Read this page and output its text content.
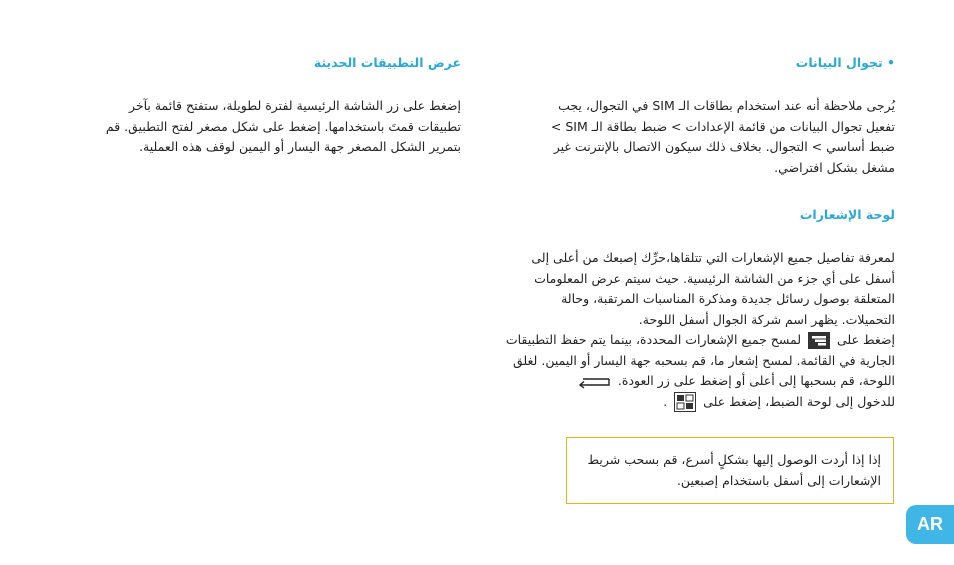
عرض التطبيقات الحديثة
إضغط على زر الشاشة الرئيسية لفترة لطويلة، ستفتح قائمة بآخر
تطبيقات قمتَ باستخدامها. إضغط على شكل مصغر لفتح التطبيق. قم
بتمرير الشكل المصغر جهة اليسار أو اليمين لوقف هذه العملية.
• تجوال البيانات
يُرجى ملاحظة أنه عند استخدام بطاقات الـ SIM في التجوال، يجب
تفعيل تجوال البيانات من قائمة الإعدادات > ضبط بطاقة الـ SIM >
ضبط أساسي > التجوال. بخلاف ذلك سيكون الاتصال بالإنترنت غير
مشغل بشكل افتراضي.
لوحة الإشعارات
لمعرفة تفاصيل جميع الإشعارات التي تتلقاها،حرِّك إصبعك من أعلى إلى
أسفل على أي جزء من الشاشة الرئيسية. حيث سيتم عرض المعلومات
المتعلقة بوصول رسائل جديدة ومذكرة المناسبات المرتقبة، وحالة
التحميلات. يظهر اسم شركة الجوال أسفل اللوحة.
إضغط على  لمسح جميع الإشعارات المحددة، بينما يتم حفظ التطبيقات
الجارية في القائمة. لمسح إشعار ما، قم بسحبه جهة اليسار أو اليمين. لغلق
اللوحة، قم بسحبها إلى أعلى أو إضغط على زر العودة.
للدخول إلى لوحة الضبط، إضغط على  .
إذا إذا أردت الوصول إليها بشكلٍ أسرع، قم بسحب شريط
الإشعارات إلى أسفل باستخدام إصبعين.
AR
